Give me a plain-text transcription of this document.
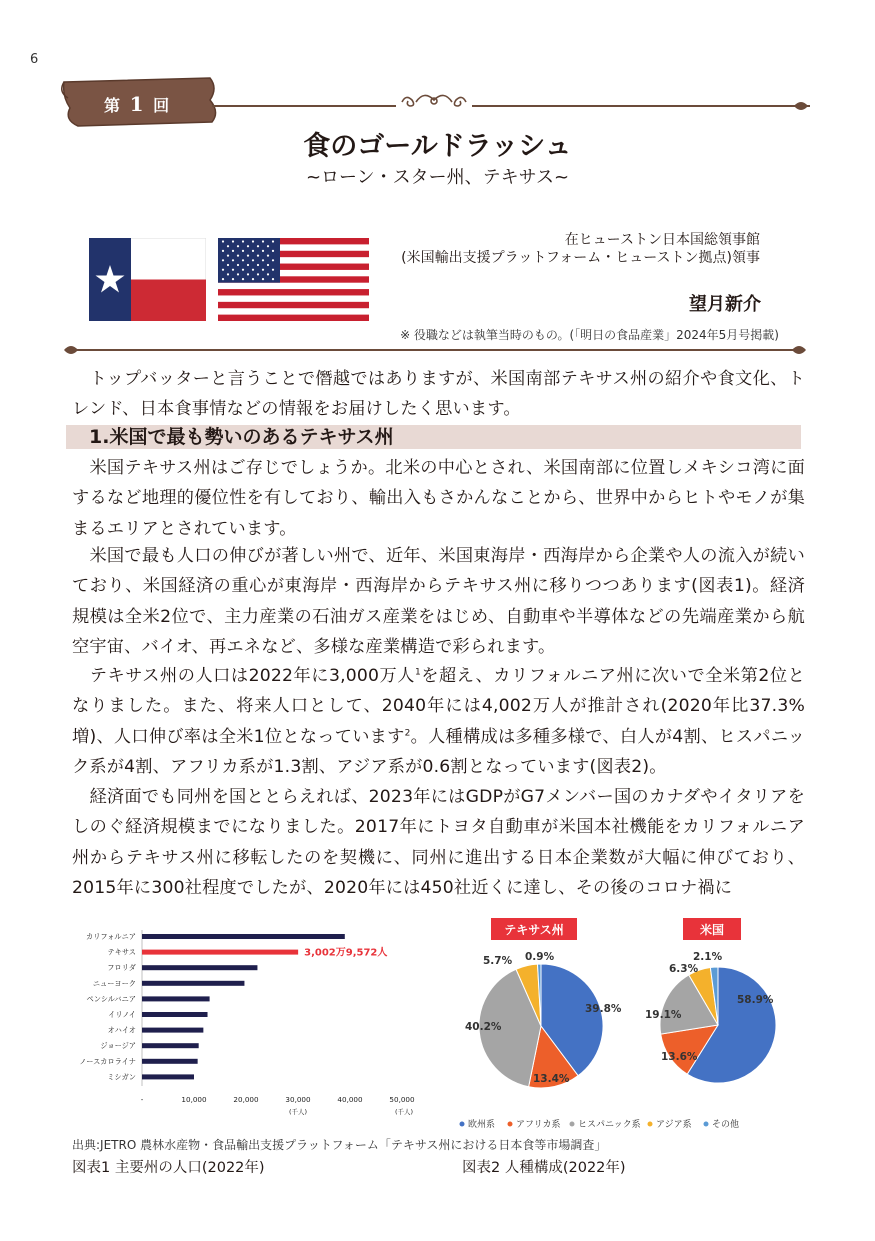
6
第 1 回
食のゴールドラッシュ
~ローン・スター州、テキサス~
在ヒューストン日本国総領事館
(米国輸出支援プラットフォーム・ヒューストン拠点)領事
望月新介
※ 役職などは執筆当時のもの。(「明日の食品産業」2024年5月号掲載)
 トップバッターと言うことで僭越ではありますが、米国南部テキサス州の紹介や食文化、トレンド、日本食事情などの情報をお届けしたく思います。
1.米国で最も勢いのあるテキサス州
 米国テキサス州はご存じでしょうか。北米の中心とされ、米国南部に位置しメキシコ湾に面するなど地理的優位性を有しており、輸出入もさかんなことから、世界中からヒトやモノが集まるエリアとされています。
 米国で最も人口の伸びが著しい州で、近年、米国東海岸・西海岸から企業や人の流入が続いており、米国経済の重心が東海岸・西海岸からテキサス州に移りつつあります(図表1)。経済規模は全米2位で、主力産業の石油ガス産業をはじめ、自動車や半導体などの先端産業から航空宇宙、バイオ、再エネなど、多様な産業構造で彩られます。
 テキサス州の人口は2022年に3,000万人$^1$を超え、カリフォルニア州に次いで全米第2位となりました。また、将来人口として、2040年には4,002万人が推計され(2020年比37.3%増)、人口伸び率は全米1位となっています$^2$。人種構成は多種多様で、白人が4割、ヒスパニック系が4割、アフリカ系が1.3割、アジア系が0.6割となっています(図表2)。
 経済面でも同州を国ととらえれば、2023年にはGDPがG7メンバー国のカナダやイタリアをしのぐ経済規模までになりました。2017年にトヨタ自動車が米国本社機能をカリフォルニア州からテキサス州に移転したのを契機に、同州に進出する日本企業数が大幅に伸びており、2015年に300社程度でしたが、2020年には450社近くに達し、その後のコロナ禍に
カリフォルニア
テキサス	3,002万9,572人
フロリダ
ニューヨーク
ペンシルバニア
イリノイ
オハイオ
ジョージア
ノースカロライナ
ミシガン
-	10,000	20,000	30,000	40,000	50,000
(千人)	(千人)
テキサス州
39.8%
13.4%
40.2%
5.7% 0.9%
米国
58.9%
13.6%
19.1%
6.3%
2.1%
欧州系 アフリカ系 ヒスパニック系 アジア系 その他
出典:JETRO 農林水産物・食品輸出支援プラットフォーム「テキサス州における日本食等市場調査」
図表1 主要州の人口(2022年)	図表2 人種構成(2022年)
